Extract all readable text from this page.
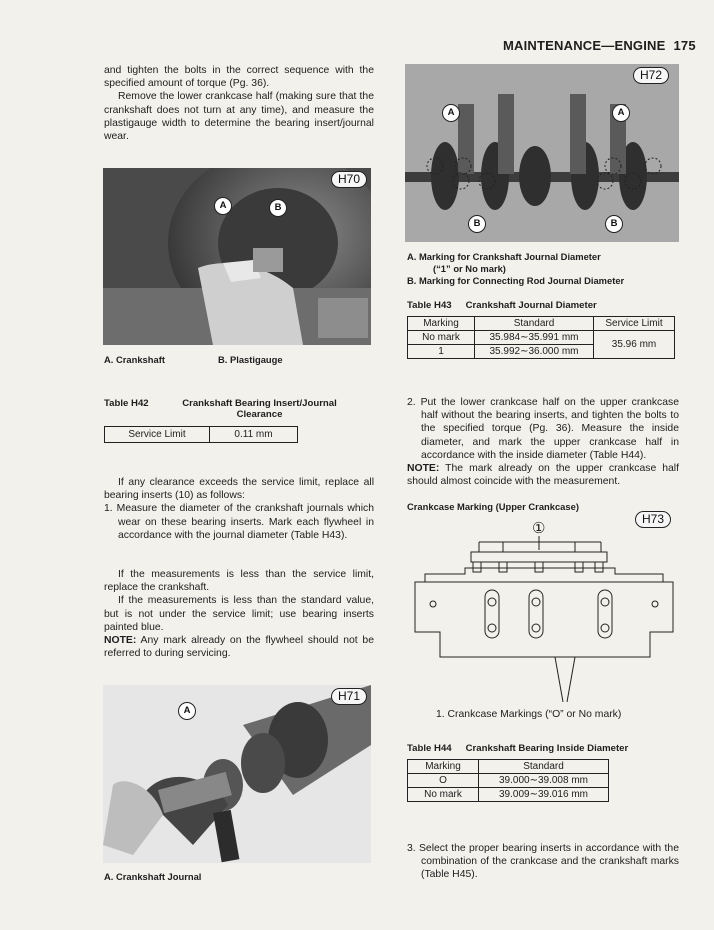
MAINTENANCE—ENGINE 175

and tighten the bolts in the correct sequence with the specified amount of torque (Pg. 36).

Remove the lower crankcase half (making sure that the crankshaft does not turn at any time), and measure the plastigauge width to determine the bearing insert/journal wear.

H70
A	B
A. Crankshaft	B. Plastigauge
Table H42	Crankshaft Bearing Insert/Journal Clearance
Service Limit	0.11 mm

If any clearance exceeds the service limit, replace all bearing inserts (10) as follows:

1. Measure the diameter of the crankshaft journals which wear on these bearing inserts. Mark each flywheel in accordance with the journal diameter (Table H43).

If the measurements is less than the service limit, replace the crankshaft.

If the measurements is less than the standard value, but is not under the service limit; use bearing inserts painted blue.

NOTE: Any mark already on the flywheel should not be referred to during servicing.

H71
A
A. Crankshaft Journal
H72
A	A
B	B
A. Marking for Crankshaft Journal Diameter
(“1” or No mark)
B. Marking for Connecting Rod Journal Diameter
Table H43 Crankshaft Journal Diameter
Marking	Standard	Service Limit
No mark	35.984∼35.991 mm	35.96 mm
1	35.992∼36.000 mm	

2. Put the lower crankcase half on the upper crankcase half without the bearing inserts, and tighten the bolts to the specified torque (Pg. 36). Measure the inside diameter, and mark the upper crankcase half in accordance with the inside diameter (Table H44).

NOTE: The mark already on the upper crankcase half should almost coincide with the measurement.

Crankcase Marking (Upper Crankcase)
H73
①
1. Crankcase Markings (“O” or No mark)
Table H44 Crankshaft Bearing Inside Diameter
Marking	Standard
O	39.000∼39.008 mm
No mark	39.009∼39.016 mm

3. Select the proper bearing inserts in accordance with the combination of the crankcase and the crankshaft marks (Table H45).
